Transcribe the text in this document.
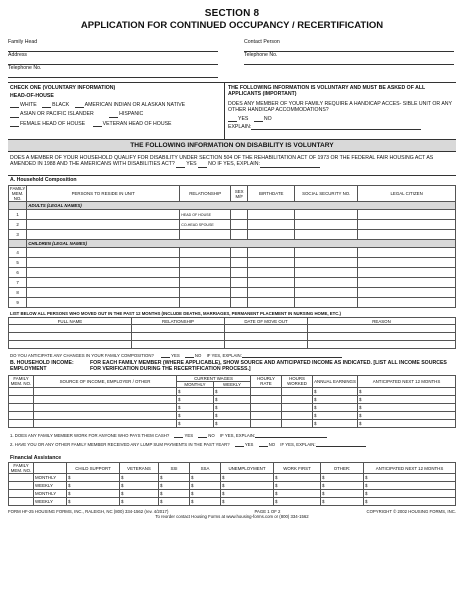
SECTION 8
APPLICATION FOR CONTINUED OCCUPANCY / RECERTIFICATION
Family Head
Address
Telephone No.
Contact Person
Telephone No.
CHECK ONE (VOLUNTARY INFORMATION)
HEAD-OF-HOUSE
WHITE	BLACK	AMERICAN INDIAN OR ALASKAN NATIVE
ASIAN OR PACIFIC ISLANDER	HISPANIC
FEMALE HEAD OF HOUSE	VETERAN HEAD OF HOUSE
THE FOLLOWING INFORMATION IS VOLUNTARY AND MUST BE ASKED OF ALL APPLICANTS (IMPORTANT)
DOES ANY MEMBER OF YOUR FAMILY REQUIRE A HANDICAP ACCES- SIBLE UNIT OR ANY OTHER HANDICAP ACCOMMODATIONS?
YES	NO
EXPLAIN:
THE FOLLOWING INFORMATION ON DISABILITY IS VOLUNTARY
DOES A MEMBER OF YOUR HOUSEHOLD QUALIFY FOR DISABILITY UNDER SECTION 504 OF THE REHABILITATION ACT OF 1973 OR THE FEDERAL FAIR HOUSING ACT AS AMENDED IN 1988 AND THE AMERICANS WITH DISABILITIES ACT? YES NO IF YES, EXPLAIN:
A. Household Composition
FAMILY MEM. NO.	PERSONS TO RESIDE IN UNIT	RELATIONSHIP	SEX M/F	BIRTHDATE	SOCIAL SECURITY NO.	LEGAL CITIZEN
	ADULTS (LEGAL NAMES)					
1		HEAD OF HOUSE				
2		CO-HEAD SPOUSE				
3						
	CHILDREN (LEGAL NAMES)					
4						
5						
6						
7						
8						
9						
LIST BELOW ALL PERSONS WHO MOVED OUT IN THE PAST 12 MONTHS (INCLUDE DEATHS, MARRIAGES, PERMANENT PLACEMENT IN NURSING HOME, ETC.)
FULL NAME	RELATIONSHIP	DATE OF MOVE OUT	REASON

DO YOU ANTICIPATE ANY CHANGES IN YOUR FAMILY COMPOSITION?	YES	NO IF YES, EXPLAIN:
B. HOUSEHOLD INCOME: EMPLOYMENT
FOR EACH FAMILY MEMBER (WHERE APPLICABLE), SHOW SOURCE AND ANTICIPATED INCOME AS INDICATED. [LIST ALL INCOME SOURCES FOR VERIFICATION DURING THE RECERTIFICATION PROCESS.]
FAMILY MEM. NO.	SOURCE OF INCOME, EMPLOYER / OTHER	CURRENT WAGES		HOURLY RATE	HOURS WORKED	ANNUAL EARNINGS	ANTICIPATED NEXT 12 MONTHS
		MONTHLY	WEEKLY				
		$	$			$	$
		$	$			$	$
		$	$			$	$
		$	$			$	$
		$	$			$	$
1. DOES ANY FAMILY MEMBER WORK FOR ANYONE WHO PAYS THEM CASH?	YES	NO IF YES, EXPLAIN:
2. HAVE YOU OR ANY OTHER FAMILY MEMBER RECEIVED ANY LUMP SUM PAYMENTS IN THE PAST YEAR?	YES	NO IF YES, EXPLAIN:
Financial Assistance
FAMILY MEM. NO.		CHILD SUPPORT	VETERANS	SSI	SSA	UNEMPLOYMENT	WORK FIRST	OTHER:	ANTICIPATED NEXT 12 MONTHS
	MONTHLY	$	$	$	$	$	$	$	$
	WEEKLY	$	$	$	$	$	$	$	$
	MONTHLY	$	$	$	$	$	$	$	$
	WEEKLY	$	$	$	$	$	$	$	$
FORM HF-25 HOUSING FORMS, INC., RALEIGH, NC (800) 334-1562 (rev. 4/2017)	PAGE 1 OF 2	COPYRIGHT © 2002 HOUSING FORMS, INC.
To reorder contact Housing Forms at www.housing-forms.com or (800) 334-1562
